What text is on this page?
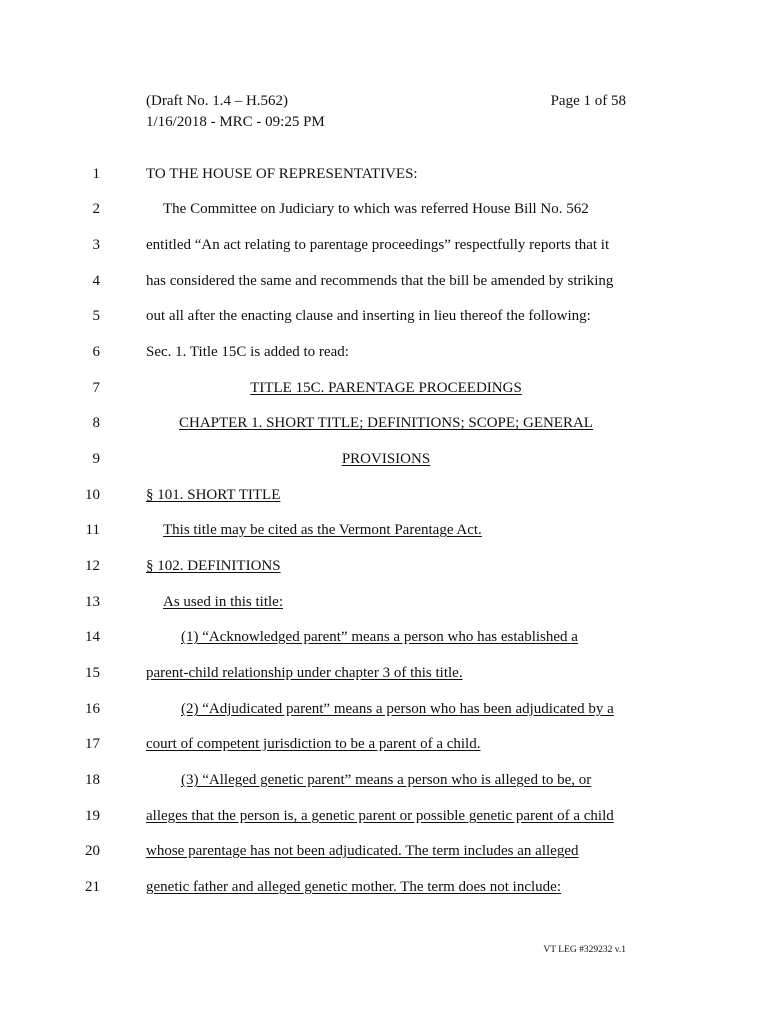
(Draft No. 1.4 – H.562)
1/16/2018 - MRC - 09:25 PM
Page 1 of 58
1	TO THE HOUSE OF REPRESENTATIVES:
2	The Committee on Judiciary to which was referred House Bill No. 562
3	entitled “An act relating to parentage proceedings” respectfully reports that it
4	has considered the same and recommends that the bill be amended by striking
5	out all after the enacting clause and inserting in lieu thereof the following:
6	Sec. 1. Title 15C is added to read:
7	TITLE 15C. PARENTAGE PROCEEDINGS
8	CHAPTER 1. SHORT TITLE; DEFINITIONS; SCOPE; GENERAL
9	PROVISIONS
10	§ 101. SHORT TITLE
11	This title may be cited as the Vermont Parentage Act.
12	§ 102. DEFINITIONS
13	As used in this title:
14	(1) “Acknowledged parent” means a person who has established a
15	parent-child relationship under chapter 3 of this title.
16	(2) “Adjudicated parent” means a person who has been adjudicated by a
17	court of competent jurisdiction to be a parent of a child.
18	(3) “Alleged genetic parent” means a person who is alleged to be, or
19	alleges that the person is, a genetic parent or possible genetic parent of a child
20	whose parentage has not been adjudicated. The term includes an alleged
21	genetic father and alleged genetic mother. The term does not include:
VT LEG #329232 v.1
